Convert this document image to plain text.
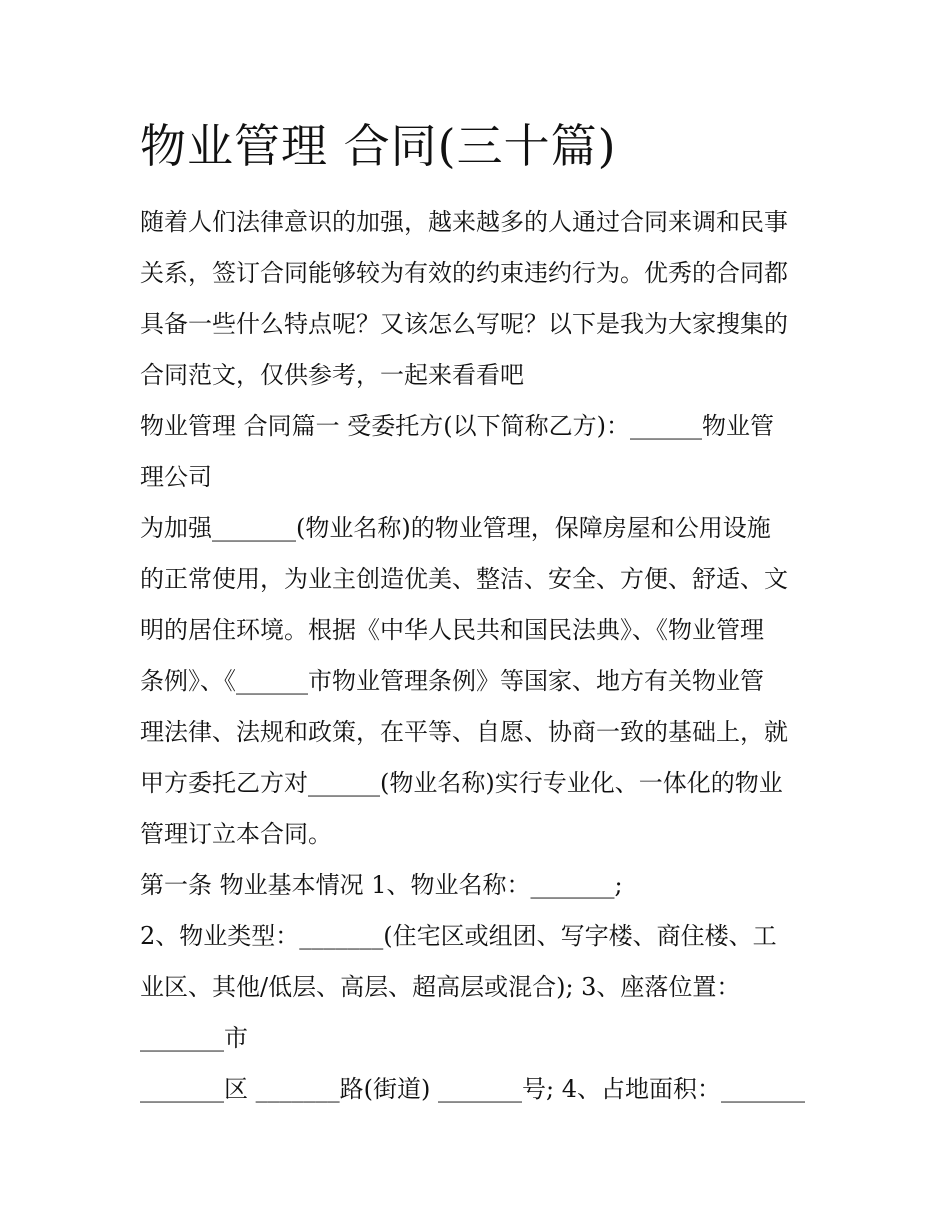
物业管理 合同(三十篇)
随着人们法律意识的加强，越来越多的人通过合同来调和民事
关系，签订合同能够较为有效的约束违约行为。优秀的合同都
具备一些什么特点呢？又该怎么写呢？以下是我为大家搜集的
合同范文，仅供参考，一起来看看吧
物业管理 合同篇一 受委托方(以下简称乙方)：______物业管
理公司
为加强_______(物业名称)的物业管理，保障房屋和公用设施
的正常使用，为业主创造优美、整洁、安全、方便、舒适、文
明的居住环境。根据《中华人民共和国民法典》、《物业管理
条例》、《______市物业管理条例》等国家、地方有关物业管
理法律、法规和政策，在平等、自愿、协商一致的基础上，就
甲方委托乙方对______(物业名称)实行专业化、一体化的物业
管理订立本合同。
第一条 物业基本情况 1、物业名称：_______;
2、物业类型：_______(住宅区或组团、写字楼、商住楼、工
业区、其他/低层、高层、超高层或混合); 3、座落位置：
_______市
_______区 _______路(街道) _______号; 4、占地面积：_______
